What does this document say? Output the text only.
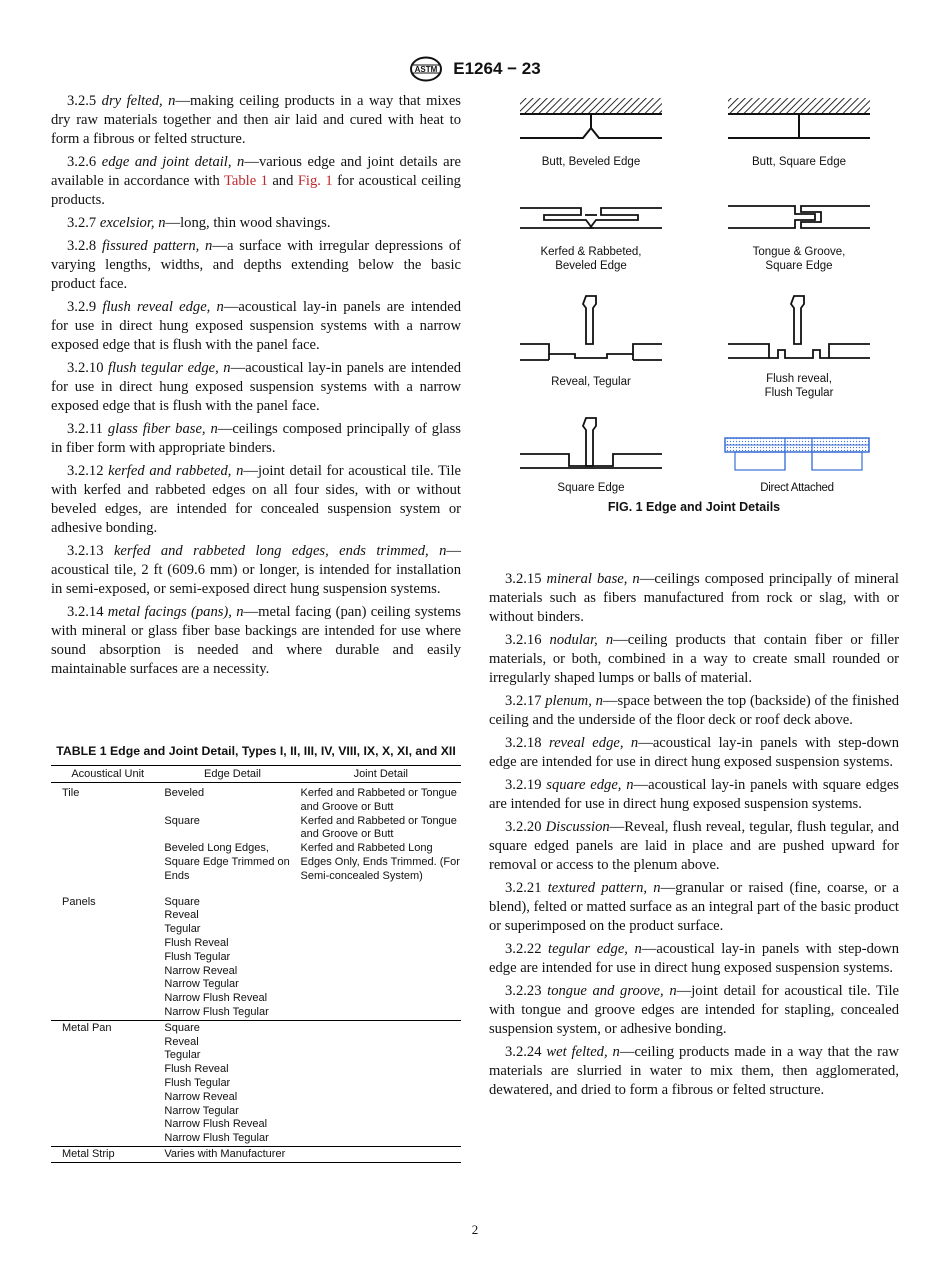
ASTM E1264 − 23

3.2.5 dry felted, n—making ceiling products in a way that mixes dry raw materials together and then air laid and cured with heat to form a fibrous or felted structure.

3.2.6 edge and joint detail, n—various edge and joint details are available in accordance with Table 1 and Fig. 1 for acoustical ceiling products.

3.2.7 excelsior, n—long, thin wood shavings.

3.2.8 fissured pattern, n—a surface with irregular depressions of varying lengths, widths, and depths extending below the basic product face.

3.2.9 flush reveal edge, n—acoustical lay-in panels are intended for use in direct hung exposed suspension systems with a narrow exposed edge that is flush with the panel face.

3.2.10 flush tegular edge, n—acoustical lay-in panels are intended for use in direct hung exposed suspension systems with a narrow exposed edge that is flush with the panel face.

3.2.11 glass fiber base, n—ceilings composed principally of glass in fiber form with appropriate binders.

3.2.12 kerfed and rabbeted, n—joint detail for acoustical tile. Tile with kerfed and rabbeted edges on all four sides, with or without beveled edges, are intended for concealed suspension system or adhesive bonding.

3.2.13 kerfed and rabbeted long edges, ends trimmed, n—acoustical tile, 2 ft (609.6 mm) or longer, is intended for installation in semi-exposed, or semi-exposed direct hung suspension systems.

3.2.14 metal facings (pans), n—metal facing (pan) ceiling systems with mineral or glass fiber base backings are intended for use where sound absorption is needed and where durable and easily maintainable surfaces are a necessity.

Butt, Beveled Edge	Butt, Square Edge
Kerfed & Rabbeted, Beveled Edge
Tongue & Groove, Square Edge
Reveal, Tegular	Flush reveal, Flush Tegular
Square Edge	Direct Attached
FIG. 1 Edge and Joint Details

3.2.15 mineral base, n—ceilings composed principally of mineral materials such as fibers manufactured from rock or slag, with or without binders.

3.2.16 nodular, n—ceiling products that contain fiber or filler materials, or both, combined in a way to create small rounded or irregularly shaped lumps or balls of material.

3.2.17 plenum, n—space between the top (backside) of the finished ceiling and the underside of the floor deck or roof deck above.

3.2.18 reveal edge, n—acoustical lay-in panels with step-down edge are intended for use in direct hung exposed suspension systems.

3.2.19 square edge, n—acoustical lay-in panels with square edges are intended for use in direct hung exposed suspension systems.

3.2.20 Discussion—Reveal, flush reveal, tegular, flush tegular, and square edged panels are laid in place and are pushed upward for removal or access to the plenum above.

3.2.21 textured pattern, n—granular or raised (fine, coarse, or a blend), felted or matted surface as an integral part of the basic product or superimposed on the product surface.

3.2.22 tegular edge, n—acoustical lay-in panels with step-down edge are intended for use in direct hung exposed suspension systems.

3.2.23 tongue and groove, n—joint detail for acoustical tile. Tile with tongue and groove edges are intended for stapling, concealed suspension system, or adhesive bonding.

3.2.24 wet felted, n—ceiling products made in a way that the raw materials are slurried in water to mix them, then agglomerated, dewatered, and dried to form a fibrous or felted structure.

TABLE 1 Edge and Joint Detail, Types I, II, III, IV, VIII, IX, X, XI, and XII
Acoustical Unit	Edge Detail	Joint Detail
Tile	Beveled	Kerfed and Rabbeted or Tongue and Groove or Butt
	Square	Kerfed and Rabbeted or Tongue and Groove or Butt
	Beveled Long Edges, Square Edge Trimmed on Ends	Kerfed and Rabbeted Long Edges Only, Ends Trimmed. (For Semi-concealed System)

Panels	Square	
	Reveal	
	Tegular	
	Flush Reveal	
	Flush Tegular	
	Narrow Reveal	
	Narrow Tegular	
	Narrow Flush Reveal	
	Narrow Flush Tegular	
Metal Pan	Square	
	Reveal	
	Tegular	
	Flush Reveal	
	Flush Tegular	
	Narrow Reveal	
	Narrow Tegular	
	Narrow Flush Reveal	
	Narrow Flush Tegular	
Metal Strip	Varies with Manufacturer	
2
